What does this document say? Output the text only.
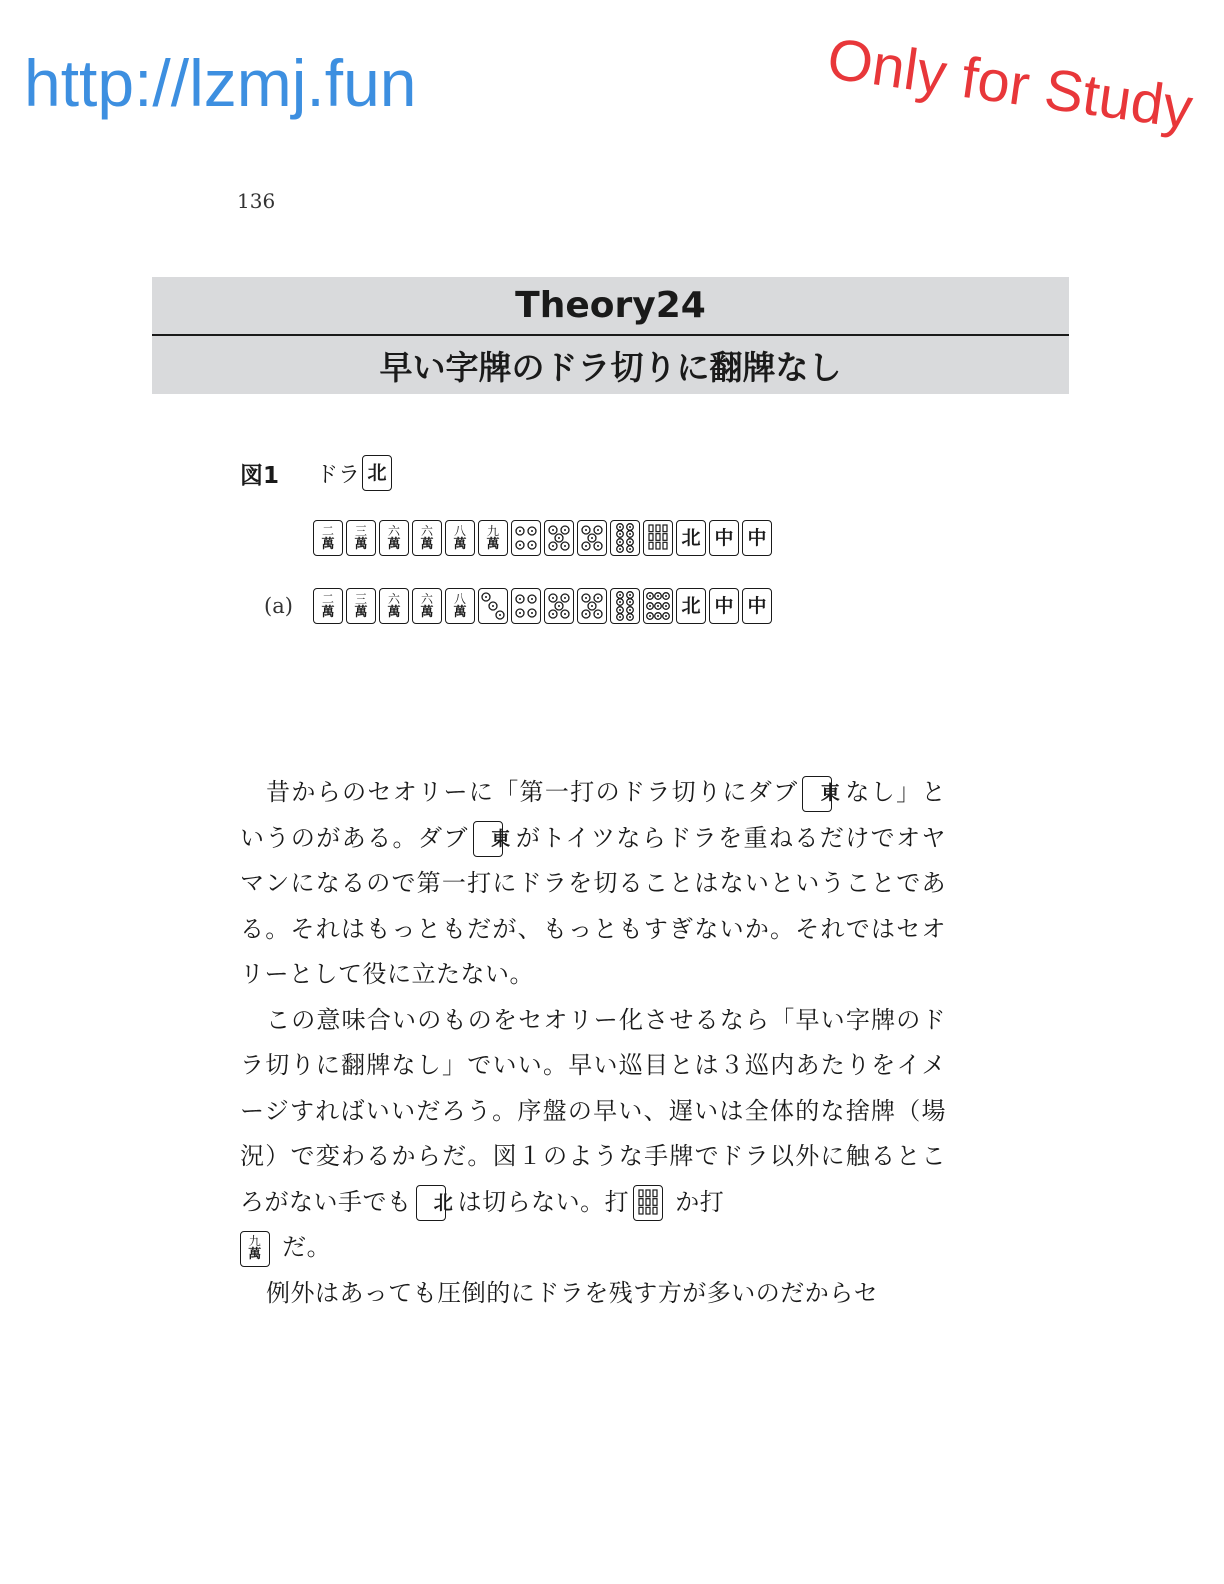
http://lzmj.fun	Only for Study
136
Theory24
早い字牌のドラ切りに翻牌なし
図1	ドラ 北
二
萬
三
萬
六
萬
六
萬
八
萬
九
萬	北 中 中
(a) 二
萬
三
萬
六
萬
六
萬
八
萬	北 中 中

昔からのセオリーに「第一打のドラ切りにダブ	東
なし」というのがある。ダブ	東
がトイツならドラを重ねるだけでオヤマンになるので第一打にドラを切ることはないということである。それはもっともだが、もっともすぎないか。それではセオリーとして役に立たない。

この意味合いのものをセオリー化させるなら「早い字牌のドラ切りに翻牌なし」でいい。早い巡目とは３巡内あたりをイメージすればいいだろう。序盤の早い、遅いは全体的な捨牌（場況）で変わるからだ。図１のような手牌でドラ以外に触るところがない手でも	北
は切らない。打
か打

九
萬 だ。

例外はあっても圧倒的にドラを残す方が多いのだからセ
